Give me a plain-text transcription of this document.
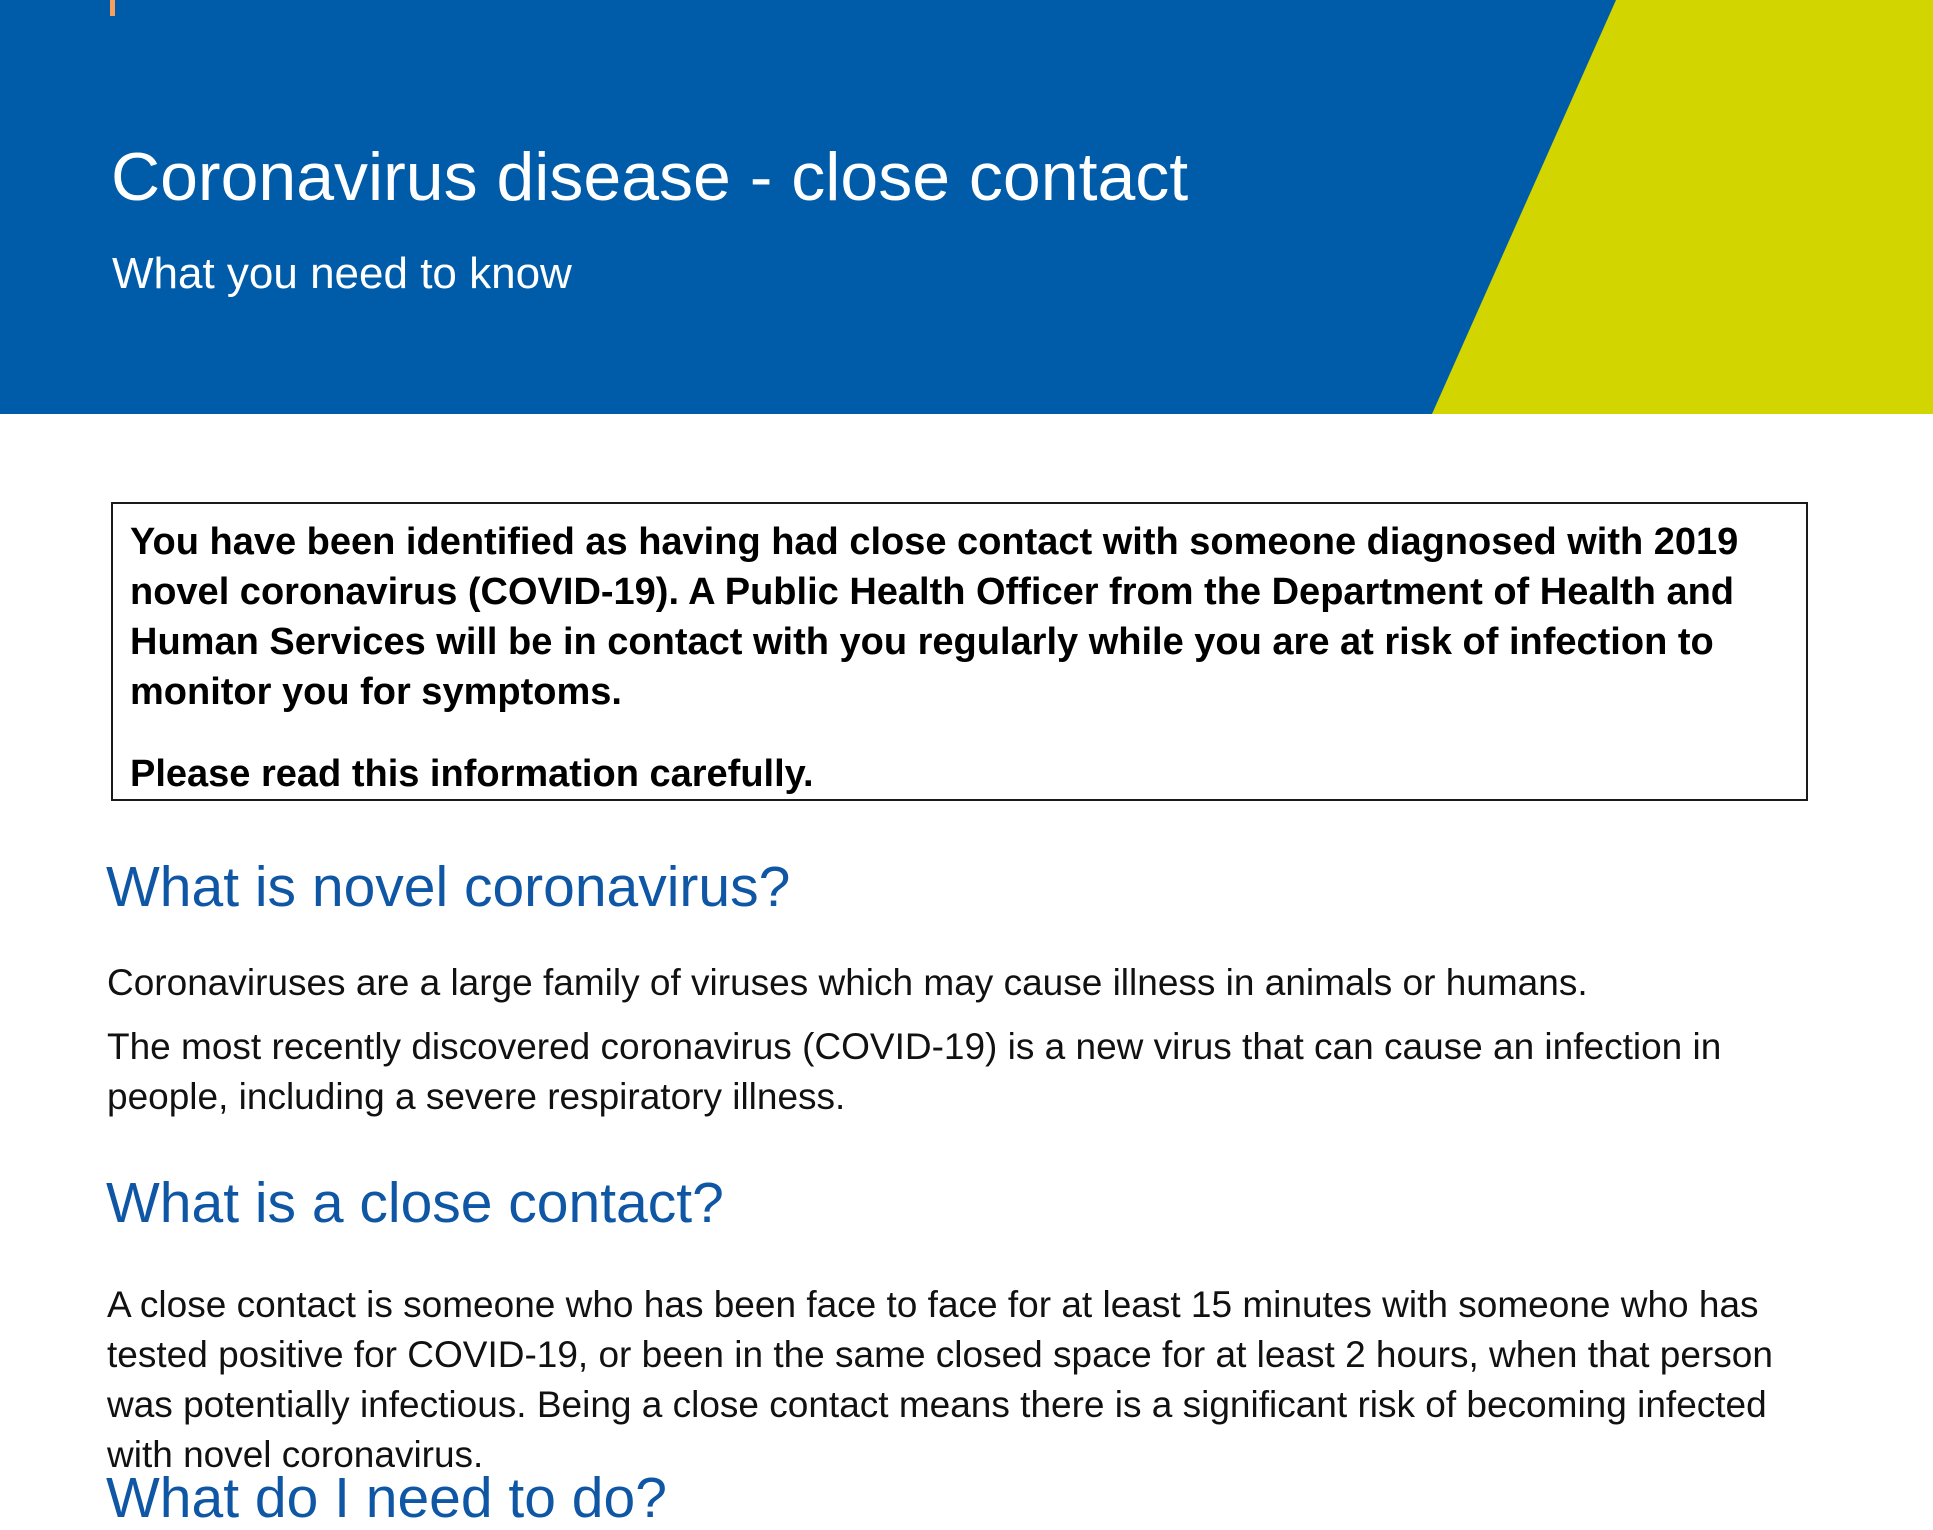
Coronavirus disease - close contact
What you need to know

You have been identified as having had close contact with someone diagnosed with 2019 novel coronavirus (COVID-19). A Public Health Officer from the Department of Health and Human Services will be in contact with you regularly while you are at risk of infection to monitor you for symptoms.

Please read this information carefully.

What is novel coronavirus?

Coronaviruses are a large family of viruses which may cause illness in animals or humans.

The most recently discovered coronavirus (COVID-19) is a new virus that can cause an infection in people, including a severe respiratory illness.

What is a close contact?

A close contact is someone who has been face to face for at least 15 minutes with someone who has tested positive for COVID-19, or been in the same closed space for at least 2 hours, when that person was potentially infectious. Being a close contact means there is a significant risk of becoming infected with novel coronavirus.

What do I need to do?
